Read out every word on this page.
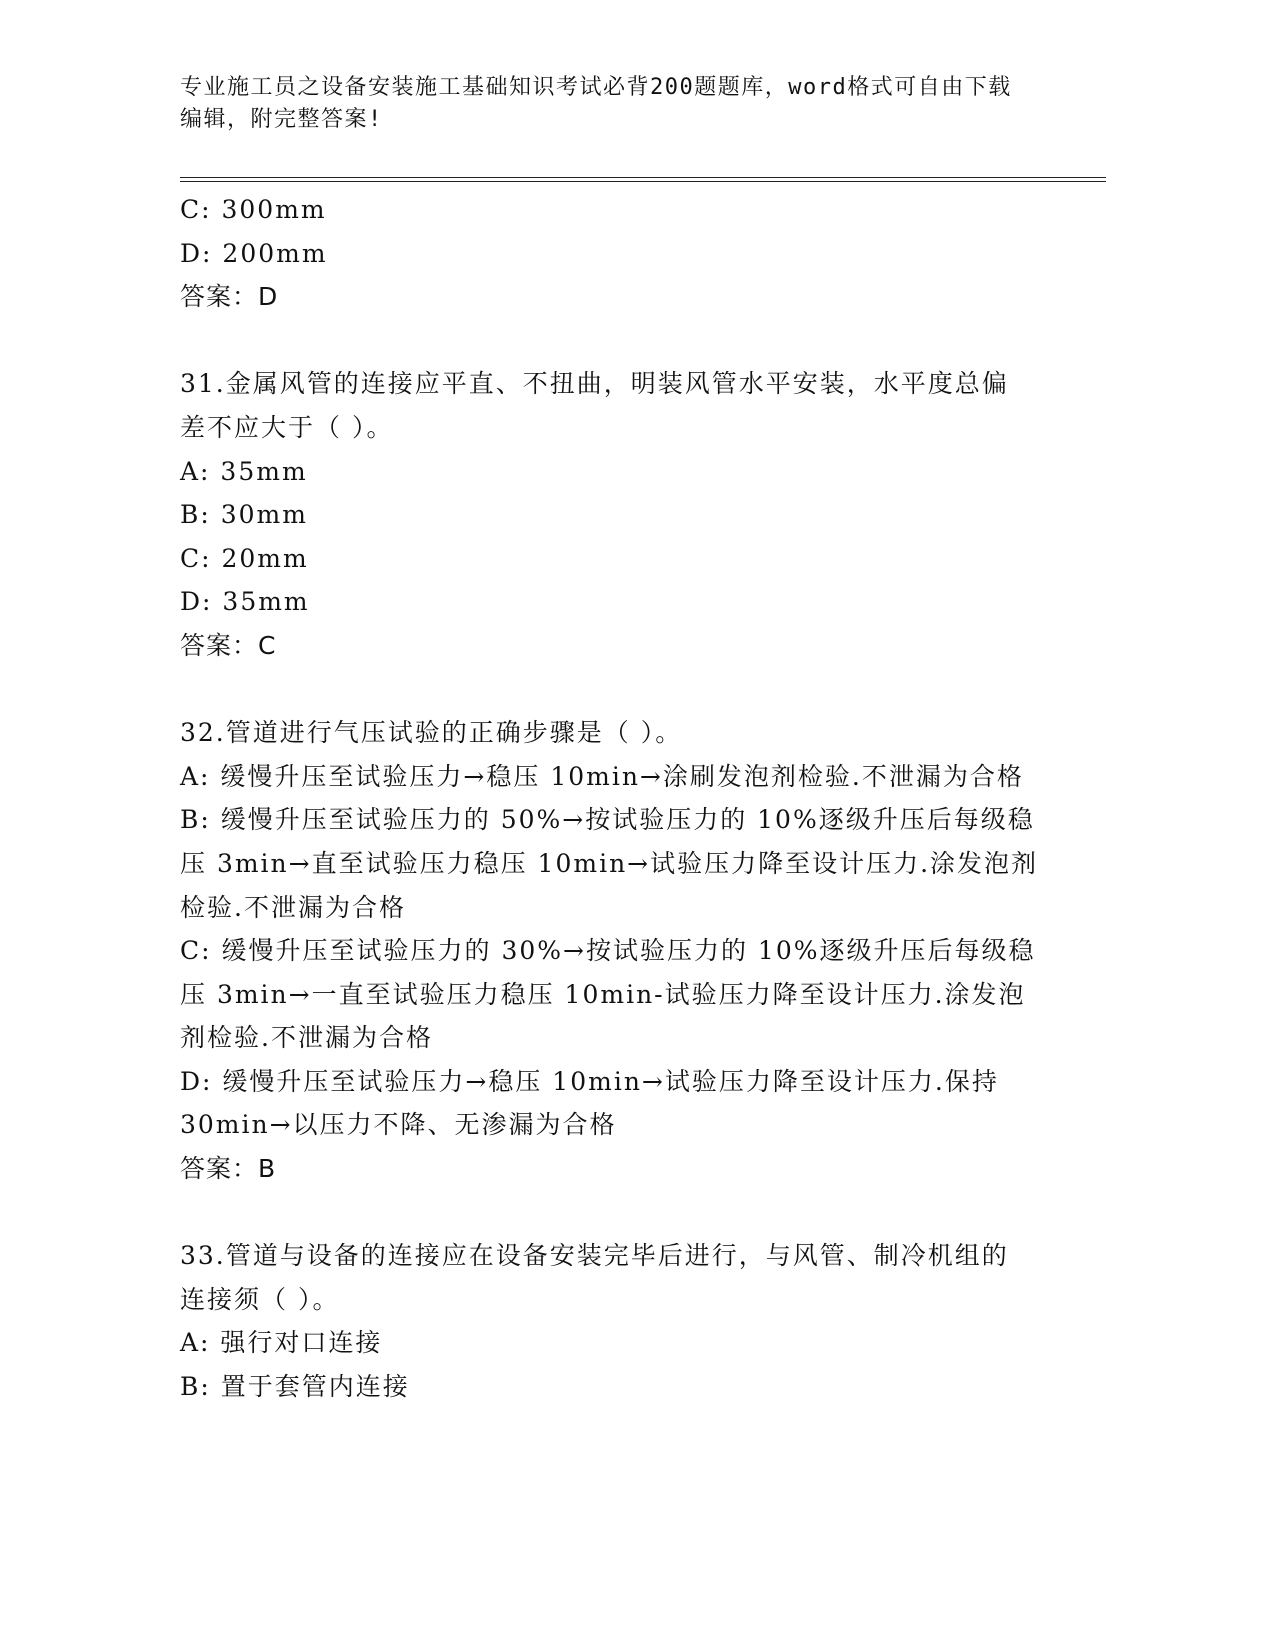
专业施工员之设备安装施工基础知识考试必背200题题库，word格式可自由下载
编辑，附完整答案!
C: 300mm
D: 200mm
答案：D
31.金属风管的连接应平直、不扭曲，明装风管水平安装，水平度总偏
差不应大于（ ）。
A: 35mm
B: 30mm
C: 20mm
D: 35mm
答案：C
32.管道进行气压试验的正确步骤是（ ）。
A: 缓慢升压至试验压力→稳压 10min→涂刷发泡剂检验.不泄漏为合格
B: 缓慢升压至试验压力的 50%→按试验压力的 10%逐级升压后每级稳
压 3min→直至试验压力稳压 10min→试验压力降至设计压力.涂发泡剂
检验.不泄漏为合格
C: 缓慢升压至试验压力的 30%→按试验压力的 10%逐级升压后每级稳
压 3min→一直至试验压力稳压 10min-试验压力降至设计压力.涂发泡
剂检验.不泄漏为合格
D: 缓慢升压至试验压力→稳压 10min→试验压力降至设计压力.保持
30min→以压力不降、无渗漏为合格
答案：B
33.管道与设备的连接应在设备安装完毕后进行，与风管、制冷机组的
连接须（ ）。
A: 强行对口连接
B: 置于套管内连接
